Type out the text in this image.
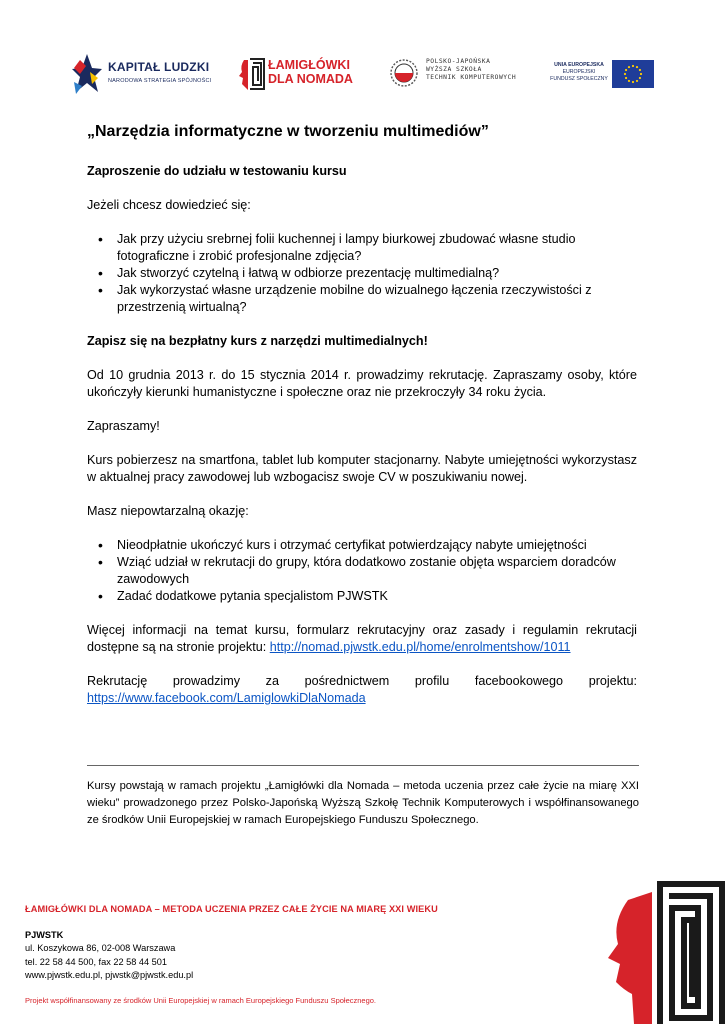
KAPITAŁ LUDZKI
NARODOWA STRATEGIA SPÓJNOŚCI
ŁAMIGŁÓWKI
DLA NOMADA
POLSKO-JAPOŃSKA
WYŻSZA SZKOŁA
TECHNIK KOMPUTEROWYCH
UNIA EUROPEJSKA
EUROPEJSKI
FUNDUSZ SPOŁECZNY
„Narzędzia informatyczne w tworzeniu multimediów”
Zaproszenie do udziału w testowaniu kursu
Jeżeli chcesz dowiedzieć się:
• Jak przy użyciu srebrnej folii kuchennej i lampy biurkowej zbudować własne studio fotograficzne i zrobić profesjonalne zdjęcia?
• Jak stworzyć czytelną i łatwą w odbiorze prezentację multimedialną?
• Jak wykorzystać własne urządzenie mobilne do wizualnego łączenia rzeczywistości z przestrzenią wirtualną?
Zapisz się na bezpłatny kurs z narzędzi multimedialnych!
Od 10 grudnia 2013 r. do 15 stycznia 2014 r. prowadzimy rekrutację. Zapraszamy osoby, które ukończyły kierunki humanistyczne i społeczne oraz nie przekroczyły 34 roku życia.
Zapraszamy!
Kurs pobierzesz na smartfona, tablet lub komputer stacjonarny. Nabyte umiejętności wykorzystasz w aktualnej pracy zawodowej lub wzbogacisz swoje CV w poszukiwaniu nowej.
Masz niepowtarzalną okazję:
• Nieodpłatnie ukończyć kurs i otrzymać certyfikat potwierdzający nabyte umiejętności
• Wziąć udział w rekrutacji do grupy, która dodatkowo zostanie objęta wsparciem doradców zawodowych
• Zadać dodatkowe pytania specjalistom PJWSTK
Więcej informacji na temat kursu, formularz rekrutacyjny oraz zasady i regulamin rekrutacji dostępne są na stronie projektu: http://nomad.pjwstk.edu.pl/home/enrolmentshow/1011
Rekrutację prowadzimy za pośrednictwem profilu facebookowego projektu: https://www.facebook.com/LamiglowkiDlaNomada
Kursy powstają w ramach projektu „Łamigłówki dla Nomada – metoda uczenia przez całe życie na miarę XXI wieku” prowadzonego przez Polsko-Japońską Wyższą Szkołę Technik Komputerowych i współfinansowanego ze środków Unii Europejskiej w ramach Europejskiego Funduszu Społecznego.
ŁAMIGŁÓWKI DLA NOMADA – METODA UCZENIA PRZEZ CAŁE ŻYCIE NA MIARĘ XXI WIEKU
PJWSTK
ul. Koszykowa 86, 02-008 Warszawa
tel. 22 58 44 500, fax 22 58 44 501
www.pjwstk.edu.pl, pjwstk@pjwstk.edu.pl
Projekt współfinansowany ze środków Unii Europejskiej w ramach Europejskiego Funduszu Społecznego.
